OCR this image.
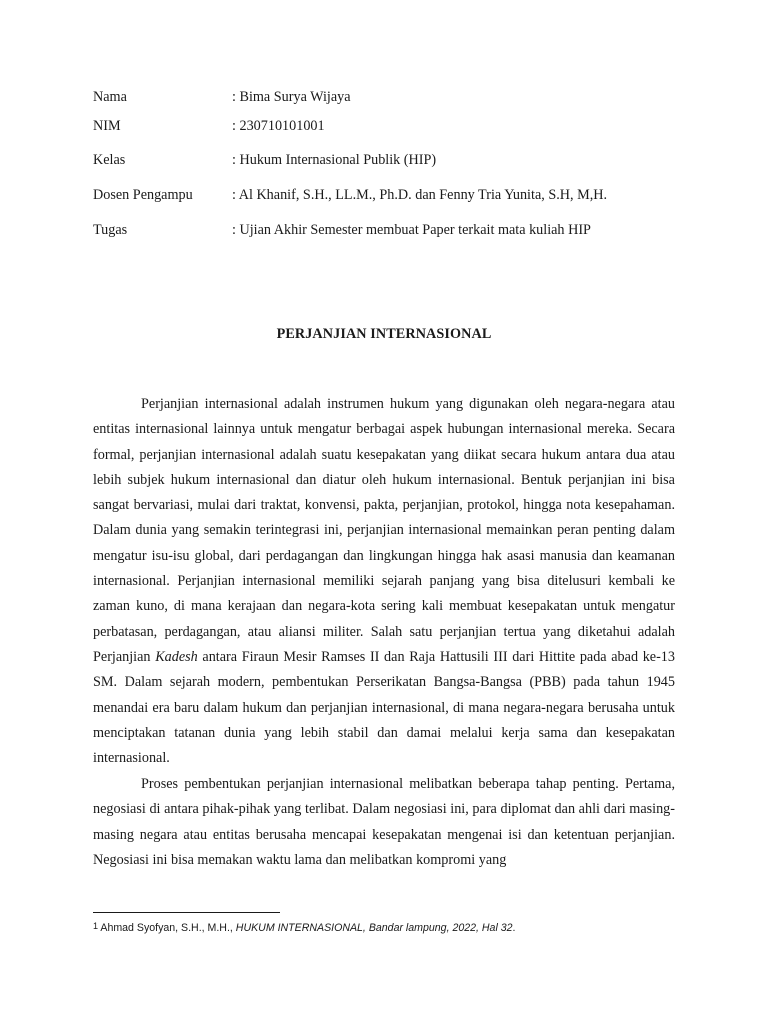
Nama	: Bima Surya Wijaya
NIM	: 230710101001
Kelas	: Hukum Internasional Publik (HIP)
Dosen Pengampu	: Al Khanif, S.H., LL.M., Ph.D. dan Fenny Tria Yunita, S.H, M,H.
Tugas	: Ujian Akhir Semester membuat Paper terkait mata kuliah HIP
PERJANJIAN INTERNASIONAL

Perjanjian internasional adalah instrumen hukum yang digunakan oleh negara-negara atau entitas internasional lainnya untuk mengatur berbagai aspek hubungan internasional mereka. Secara formal, perjanjian internasional adalah suatu kesepakatan yang diikat secara hukum antara dua atau lebih subjek hukum internasional dan diatur oleh hukum internasional. Bentuk perjanjian ini bisa sangat bervariasi, mulai dari traktat, konvensi, pakta, perjanjian, protokol, hingga nota kesepahaman. Dalam dunia yang semakin terintegrasi ini, perjanjian internasional memainkan peran penting dalam mengatur isu-isu global, dari perdagangan dan lingkungan hingga hak asasi manusia dan keamanan internasional. Perjanjian internasional memiliki sejarah panjang yang bisa ditelusuri kembali ke zaman kuno, di mana kerajaan dan negara-kota sering kali membuat kesepakatan untuk mengatur perbatasan, perdagangan, atau aliansi militer. Salah satu perjanjian tertua yang diketahui adalah Perjanjian Kadesh antara Firaun Mesir Ramses II dan Raja Hattusili III dari Hittite pada abad ke-13 SM. Dalam sejarah modern, pembentukan Perserikatan Bangsa-Bangsa (PBB) pada tahun 1945 menandai era baru dalam hukum dan perjanjian internasional, di mana negara-negara berusaha untuk menciptakan tatanan dunia yang lebih stabil dan damai melalui kerja sama dan kesepakatan internasional.

Proses pembentukan perjanjian internasional melibatkan beberapa tahap penting. Pertama, negosiasi di antara pihak-pihak yang terlibat. Dalam negosiasi ini, para diplomat dan ahli dari masing-masing negara atau entitas berusaha mencapai kesepakatan mengenai isi dan ketentuan perjanjian. Negosiasi ini bisa memakan waktu lama dan melibatkan kompromi yang

$^1$ Ahmad Syofyan, S.H., M.H., HUKUM INTERNASIONAL, Bandar lampung, 2022, Hal 32.
